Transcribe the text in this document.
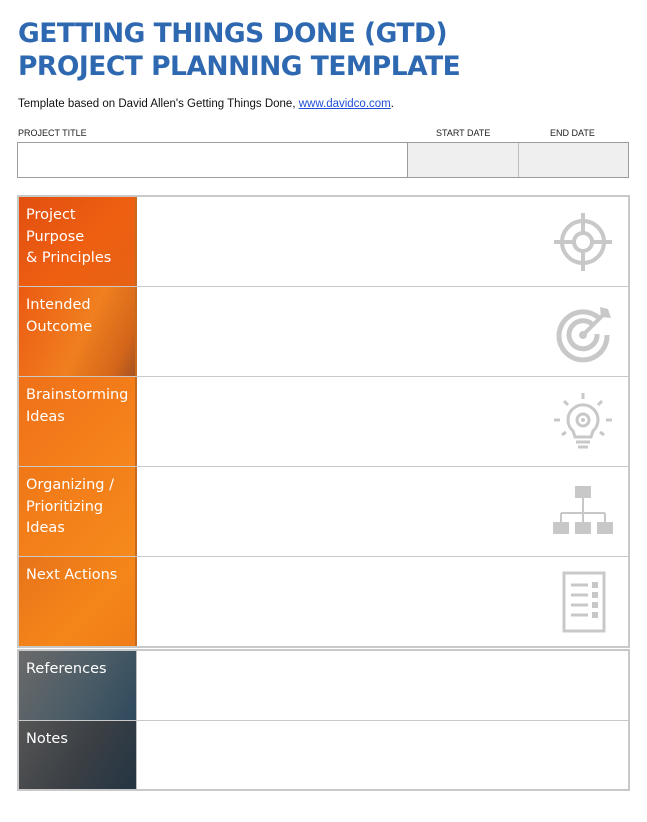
GETTING THINGS DONE (GTD)
PROJECT PLANNING TEMPLATE
Template based on David Allen's Getting Things Done, www.davidco.com.
PROJECT TITLE	START DATE	END DATE
Project
Purpose
& Principles
Intended
Outcome
Brainstorming
Ideas
Organizing /
Prioritizing
Ideas
Next Actions
References
Notes
